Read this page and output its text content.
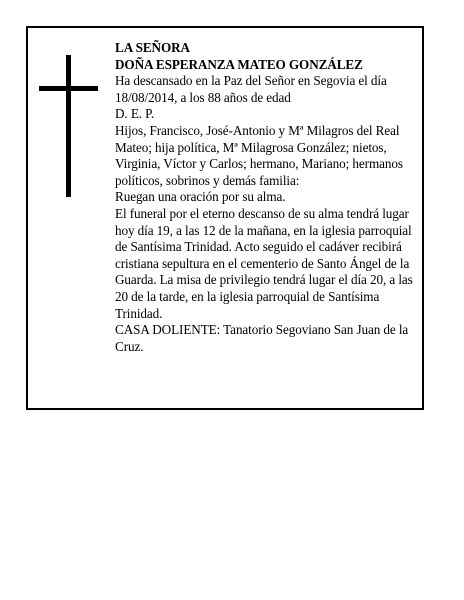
LA SEÑORA

DOÑA ESPERANZA MATEO GONZÁLEZ

Ha descansado en la Paz del Señor en Segovia el día 18/08/2014, a los 88 años de edad

D. E. P.

Hijos, Francisco, José-Antonio y Mª Milagros del Real Mateo; hija política, Mª Milagrosa González; nietos, Virginia, Víctor y Carlos; hermano, Mariano; hermanos políticos, sobrinos y demás familia:

Ruegan una oración por su alma.

El funeral por el eterno descanso de su alma tendrá lugar hoy día 19, a las 12 de la mañana, en la iglesia parroquial de Santísima Trinidad. Acto seguido el cadáver recibirá cristiana sepultura en el cementerio de Santo Ángel de la Guarda. La misa de privilegio tendrá lugar el día 20, a las 20 de la tarde, en la iglesia parroquial de Santísima Trinidad.

CASA DOLIENTE: Tanatorio Segoviano San Juan de la Cruz.
